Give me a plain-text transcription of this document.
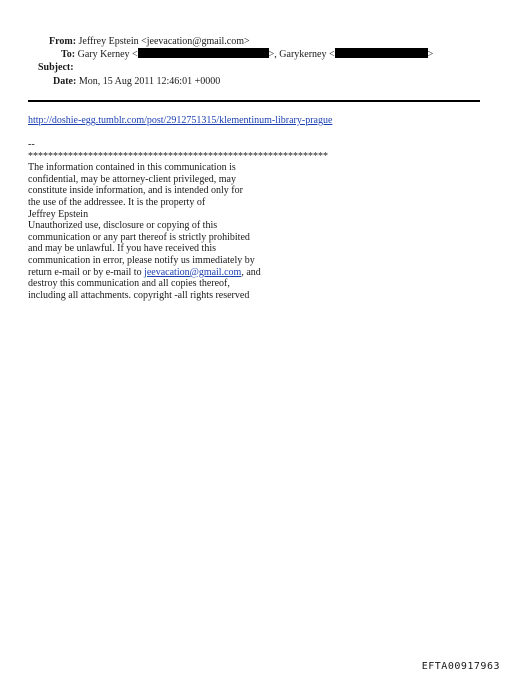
From: Jeffrey Epstein <jeevacation@gmail.com>
To: Gary Kerney <	>, Garykerney <	>
Subject:
Date: Mon, 15 Aug 2011 12:46:01 +0000
http://doshie-egg.tumblr.com/post/2912751315/klementinum-library-prague
--
************************************************************
The information contained in this communication is
confidential, may be attorney-client privileged, may
constitute inside information, and is intended only for
the use of the addressee. It is the property of
Jeffrey Epstein
Unauthorized use, disclosure or copying of this
communication or any part thereof is strictly prohibited
and may be unlawful. If you have received this
communication in error, please notify us immediately by
return e-mail or by e-mail to jeevacation@gmail.com, and
destroy this communication and all copies thereof,
including all attachments. copyright -all rights reserved
EFTA00917963
